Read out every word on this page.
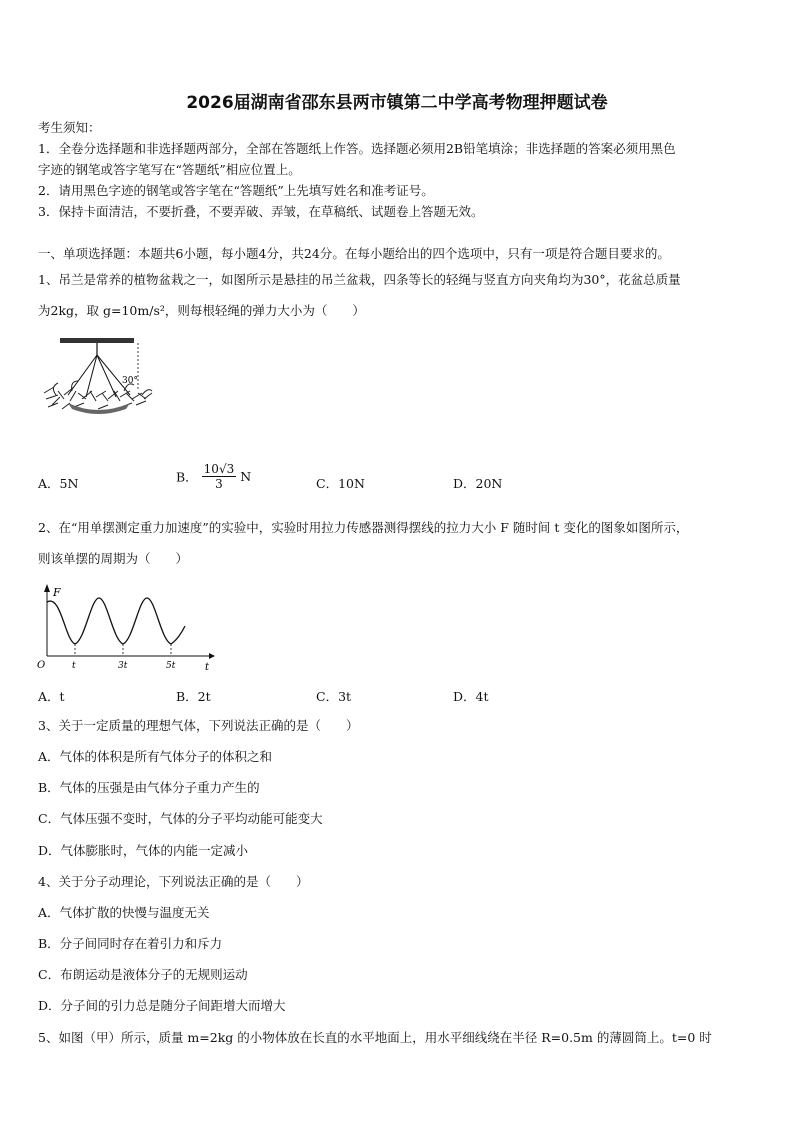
2026届湖南省邵东县两市镇第二中学高考物理押题试卷
考生须知：
1．全卷分选择题和非选择题两部分，全部在答题纸上作答。选择题必须用2B铅笔填涂；非选择题的答案必须用黑色
字迹的钢笔或答字笔写在“答题纸”相应位置上。
2．请用黑色字迹的钢笔或答字笔在“答题纸”上先填写姓名和准考证号。
3．保持卡面清洁，不要折叠，不要弄破、弄皱，在草稿纸、试题卷上答题无效。
一、单项选择题：本题共6小题，每小题4分，共24分。在每小题给出的四个选项中，只有一项是符合题目要求的。
1、吊兰是常养的植物盆栽之一，如图所示是悬挂的吊兰盆栽，四条等长的轻绳与竖直方向夹角均为30°，花盆总质量
为2kg，取 g=10m/s²，则每根轻绳的弹力大小为（　　）
30°
A．5N	B． $\frac{10√3}{3}$ N	C．10N	D．20N
2、在“用单摆测定重力加速度”的实验中，实验时用拉力传感器测得摆线的拉力大小 F 随时间 t 变化的图象如图所示，
则该单摆的周期为（　　）
F
t
O	t	3t	5t
A．t	B．2t	C．3t	D．4t
3、关于一定质量的理想气体，下列说法正确的是（　　）
A．气体的体积是所有气体分子的体积之和
B．气体的压强是由气体分子重力产生的
C．气体压强不变时，气体的分子平均动能可能变大
D．气体膨胀时，气体的内能一定减小
4、关于分子动理论，下列说法正确的是（　　）
A．气体扩散的快慢与温度无关
B．分子间同时存在着引力和斥力
C．布朗运动是液体分子的无规则运动
D．分子间的引力总是随分子间距增大而增大
5、如图（甲）所示，质量 m=2kg 的小物体放在长直的水平地面上，用水平细线绕在半径 R=0.5m 的薄圆筒上。t=0 时
